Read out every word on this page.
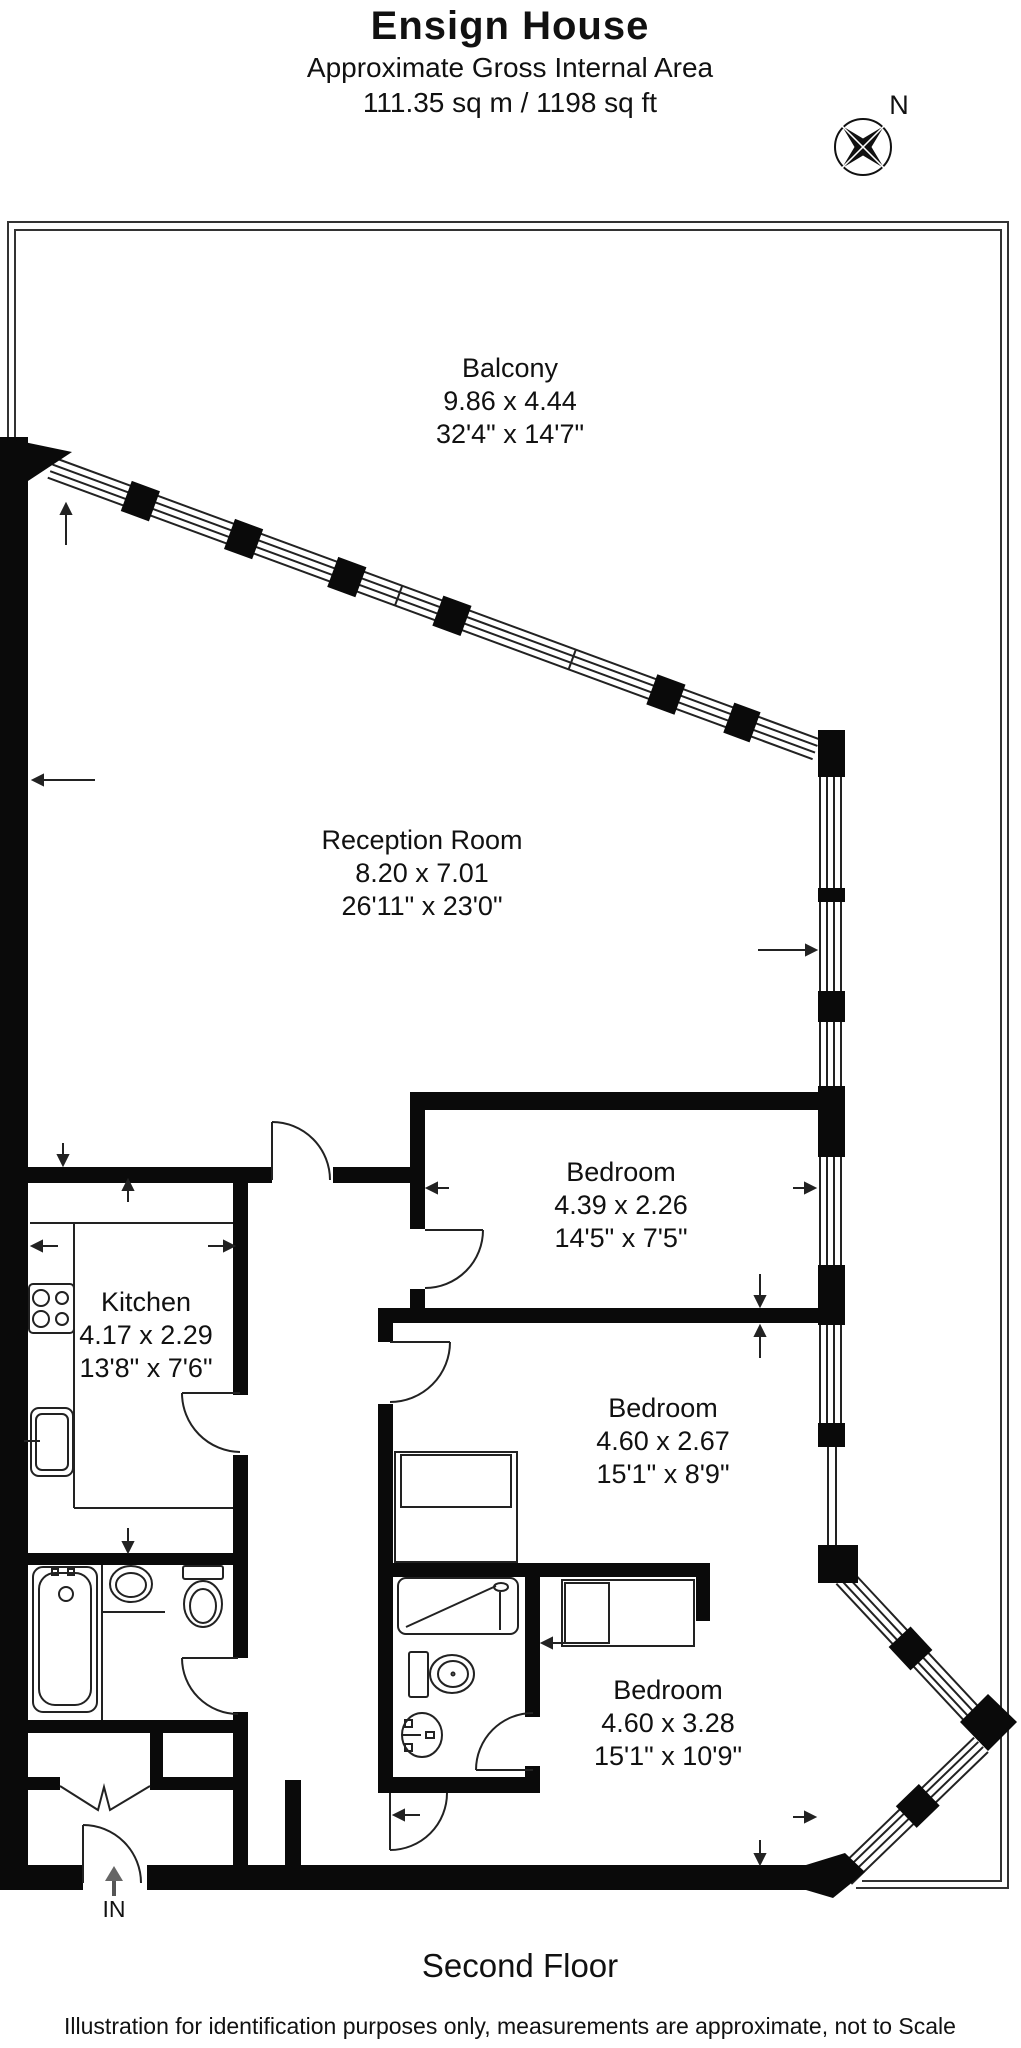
Ensign House
Approximate Gross Internal Area
111.35 sq m / 1198 sq ft	N
Balcony
9.86 x 4.44
32'4" x 14'7"
Reception Room
8.20 x 7.01
26'11" x 23'0"
Kitchen
4.17 x 2.29
13'8" x 7'6"
Bedroom
4.39 x 2.26
14'5" x 7'5"
Bedroom
4.60 x 2.67
15'1" x 8'9"
Bedroom
4.60 x 3.28
15'1" x 10'9"
IN
Second Floor
Illustration for identification purposes only, measurements are approximate, not to Scale
